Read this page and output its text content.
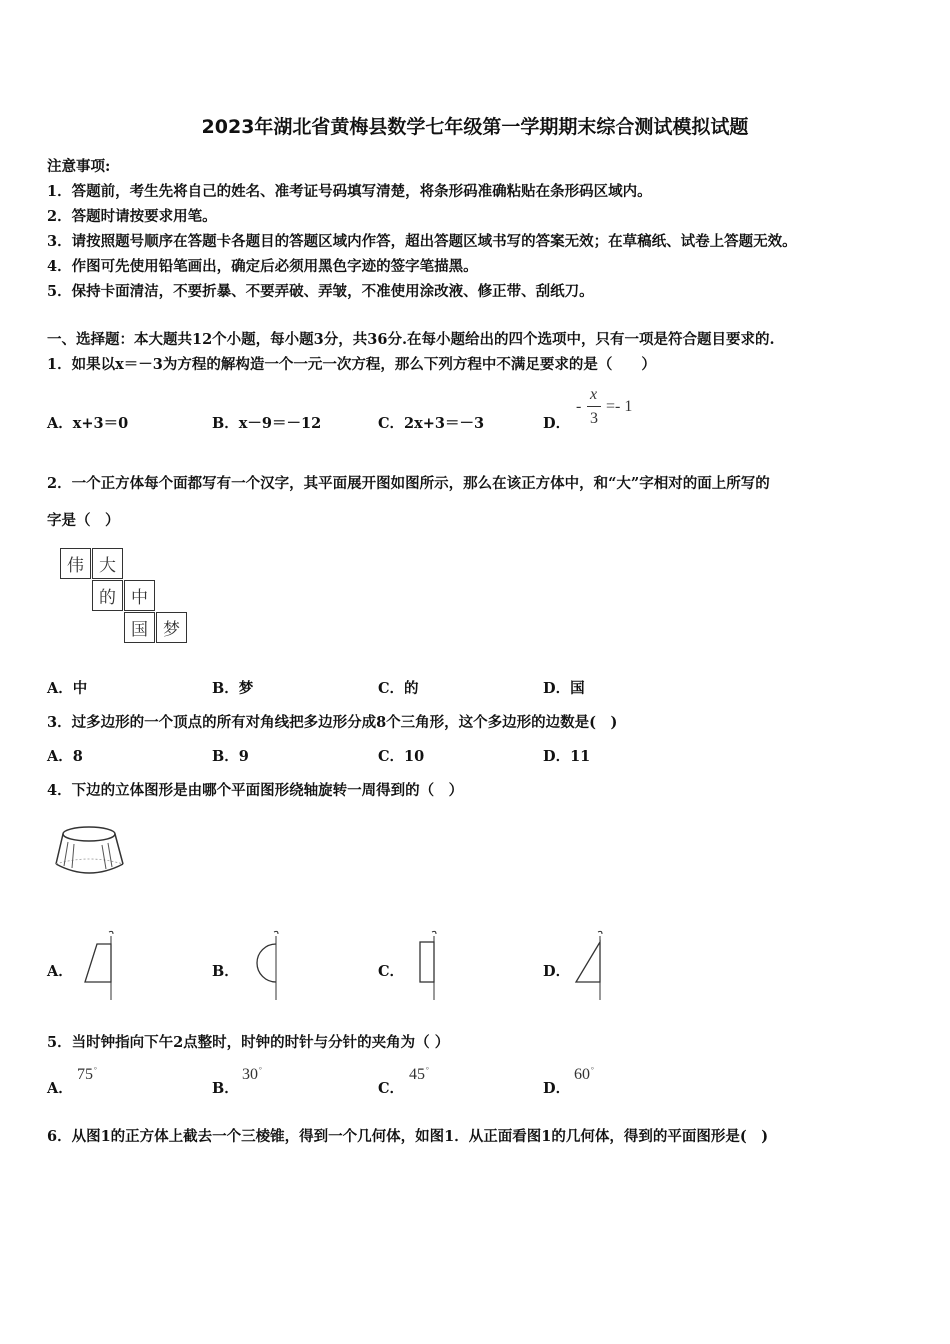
2023年湖北省黄梅县数学七年级第一学期期末综合测试模拟试题
注意事项:
1．答题前，考生先将自己的姓名、准考证号码填写清楚，将条形码准确粘贴在条形码区域内。
2．答题时请按要求用笔。
3．请按照题号顺序在答题卡各题目的答题区域内作答，超出答题区域书写的答案无效；在草稿纸、试卷上答题无效。
4．作图可先使用铅笔画出，确定后必须用黑色字迹的签字笔描黑。
5．保持卡面清洁，不要折暴、不要弄破、弄皱，不准使用涂改液、修正带、刮纸刀。
一、选择题：本大题共12个小题，每小题3分，共36分.在每小题给出的四个选项中，只有一项是符合题目要求的.
1．如果以x＝－3为方程的解构造一个一元一次方程，那么下列方程中不满足要求的是（　　）
A．x+3＝0	B．x－9＝－12	C．2x+3＝－3	D．
-
x
3
=- 1
2．一个正方体每个面都写有一个汉字，其平面展开图如图所示，那么在该正方体中，和“大”字相对的面上所写的
字是（　）
伟 大
的 中
国 梦
A．中	B．梦	C．的	D．国
3．过多边形的一个顶点的所有对角线把多边形分成8个三角形，这个多边形的边数是(　)
A．8	B．9	C．10	D．11
4．下边的立体图形是由哪个平面图形绕轴旋转一周得到的（　）
A．	B．	C．	D．
5．当时钟指向下午2点整时，时钟的时针与分针的夹角为（ ）
A．
75°
B．
30°
C．
45°
D．
60°
6．从图1的正方体上截去一个三棱锥，得到一个几何体，如图1．从正面看图1的几何体，得到的平面图形是(　)
